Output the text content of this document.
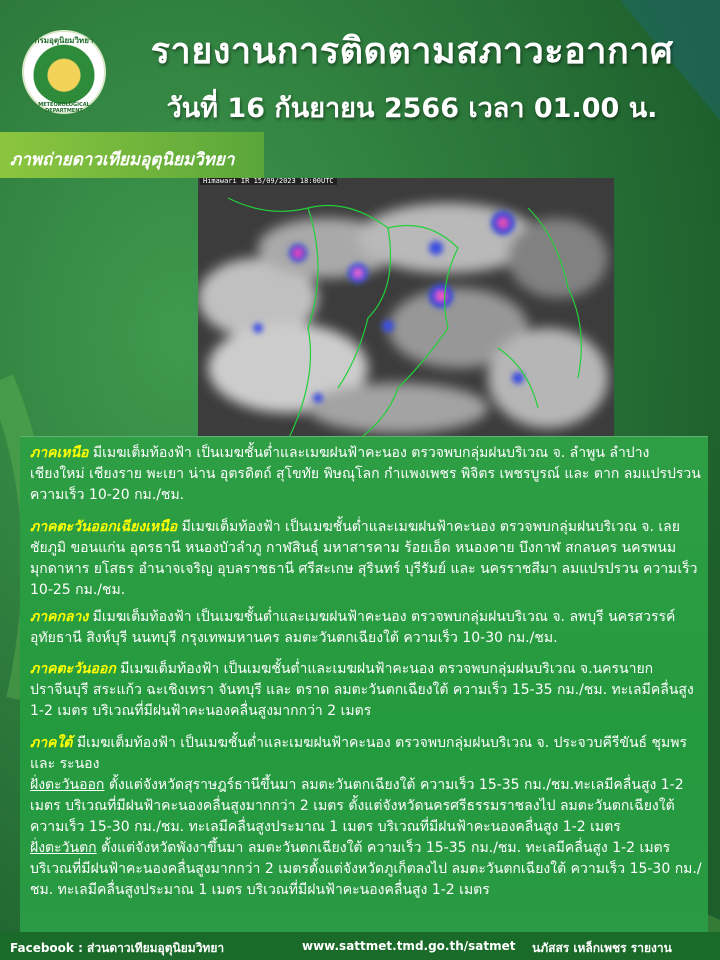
กรมอุตุนิยมวิทยา
METEOROLOGICAL DEPARTMENT
รายงานการติดตามสภาวะอากาศ
วันที่ 16 กันยายน 2566 เวลา 01.00 น.
ภาพถ่ายดาวเทียมอุตุนิยมวิทยา
Himawari IR 15/09/2023 18:00UTC

ภาคเหนือ มีเมฆเต็มท้องฟ้า เป็นเมฆชั้นต่ำและเมฆฝนฟ้าคะนอง ตรวจพบกลุ่มฝนบริเวณ จ. ลำพูน ลำปาง เชียงใหม่ เชียงราย พะเยา น่าน อุตรดิตถ์ สุโขทัย พิษณุโลก กำแพงเพชร พิจิตร เพชรบูรณ์ และ ตาก ลมแปรปรวน ความเร็ว 10-20 กม./ชม.

ภาคตะวันออกเฉียงเหนือ มีเมฆเต็มท้องฟ้า เป็นเมฆชั้นต่ำและเมฆฝนฟ้าคะนอง ตรวจพบกลุ่มฝนบริเวณ จ. เลย ชัยภูมิ ขอนแก่น อุดรธานี หนองบัวลำภู กาฬสินธุ์ มหาสารคาม ร้อยเอ็ด หนองคาย บึงกาฬ สกลนคร นครพนม มุกดาหาร ยโสธร อำนาจเจริญ อุบลราชธานี ศรีสะเกษ สุรินทร์ บุรีรัมย์ และ นครราชสีมา ลมแปรปรวน ความเร็ว 10-25 กม./ชม.

ภาคกลาง มีเมฆเต็มท้องฟ้า เป็นเมฆชั้นต่ำและเมฆฝนฟ้าคะนอง ตรวจพบกลุ่มฝนบริเวณ จ. ลพบุรี นครสวรรค์ อุทัยธานี สิงห์บุรี นนทบุรี กรุงเทพมหานคร ลมตะวันตกเฉียงใต้ ความเร็ว 10-30 กม./ชม.

ภาคตะวันออก มีเมฆเต็มท้องฟ้า เป็นเมฆชั้นต่ำและเมฆฝนฟ้าคะนอง ตรวจพบกลุ่มฝนบริเวณ จ.นครนายก ปราจีนบุรี สระแก้ว ฉะเชิงเทรา จันทบุรี และ ตราด ลมตะวันตกเฉียงใต้ ความเร็ว 15-35 กม./ชม. ทะเลมีคลื่นสูง 1-2 เมตร บริเวณที่มีฝนฟ้าคะนองคลื่นสูงมากกว่า 2 เมตร

ภาคใต้ มีเมฆเต็มท้องฟ้า เป็นเมฆชั้นต่ำและเมฆฝนฟ้าคะนอง ตรวจพบกลุ่มฝนบริเวณ จ. ประจวบคีรีขันธ์ ชุมพร และ ระนอง
ฝั่งตะวันออก ตั้งแต่จังหวัดสุราษฎร์ธานีขึ้นมา ลมตะวันตกเฉียงใต้ ความเร็ว 15-35 กม./ชม.ทะเลมีคลื่นสูง 1-2 เมตร บริเวณที่มีฝนฟ้าคะนองคลื่นสูงมากกว่า 2 เมตร ตั้งแต่จังหวัดนครศรีธรรมราชลงไป ลมตะวันตกเฉียงใต้ ความเร็ว 15-30 กม./ชม. ทะเลมีคลื่นสูงประมาณ 1 เมตร บริเวณที่มีฝนฟ้าคะนองคลื่นสูง 1-2 เมตร
ฝั่งตะวันตก ตั้งแต่จังหวัดพังงาขึ้นมา ลมตะวันตกเฉียงใต้ ความเร็ว 15-35 กม./ชม. ทะเลมีคลื่นสูง 1-2 เมตร บริเวณที่มีฝนฟ้าคะนองคลื่นสูงมากกว่า 2 เมตรตั้งแต่จังหวัดภูเก็ตลงไป ลมตะวันตกเฉียงใต้ ความเร็ว 15-30 กม./ชม. ทะเลมีคลื่นสูงประมาณ 1 เมตร บริเวณที่มีฝนฟ้าคะนองคลื่นสูง 1-2 เมตร

Facebook : ส่วนดาวเทียมอุตุนิยมวิทยา	www.sattmet.tmd.go.th/satmet นภัสสร เหล็กเพชร รายงาน
